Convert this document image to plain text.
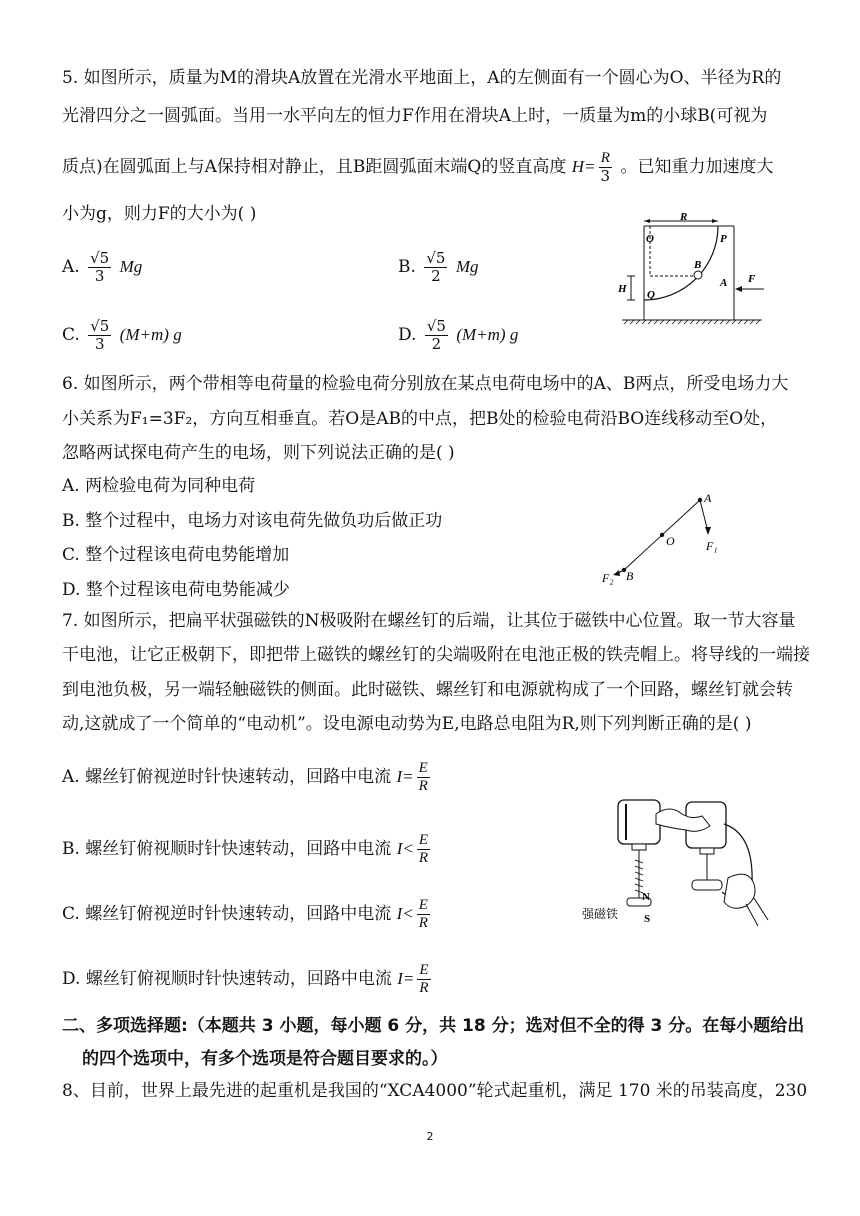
5. 如图所示，质量为M的滑块A放置在光滑水平地面上，A的左侧面有一个圆心为O、半径为R的
光滑四分之一圆弧面。当用一水平向左的恒力F作用在滑块A上时，一质量为m的小球B(可视为
质点)在圆弧面上与A保持相对静止，且B距圆弧面末端Q的竖直高度 $H= \frac{R}{3}$ 。已知重力加速度大
小为g，则力F的大小为( )
A. $\frac{√5}{3}$ Mg	B. $\frac{√5}{2}$ Mg
C. $\frac{√5}{3} (M+m)$ g	D. $\frac{√5}{2} (M+m)$ g
R
B
O	P
Q
A
H
F
6. 如图所示，两个带相等电荷量的检验电荷分别放在某点电荷电场中的A、B两点，所受电场力大
小关系为F₁=3F₂，方向互相垂直。若O是AB的中点，把B处的检验电荷沿BO连线移动至O处，
忽略两试探电荷产生的电场，则下列说法正确的是( )
A. 两检验电荷为同种电荷
B. 整个过程中，电场力对该电荷先做负功后做正功
C. 整个过程该电荷电势能增加
D. 整个过程该电荷电势能减少
A
O	F₁
F₂ B
7. 如图所示，把扁平状强磁铁的N极吸附在螺丝钉的后端，让其位于磁铁中心位置。取一节大容量
干电池，让它正极朝下，即把带上磁铁的螺丝钉的尖端吸附在电池正极的铁壳帽上。将导线的一端接
到电池负极，另一端轻触磁铁的侧面。此时磁铁、螺丝钉和电源就构成了一个回路，螺丝钉就会转
动,这就成了一个简单的“电动机”。设电源电动势为E,电路总电阻为R,则下列判断正确的是( )
A. 螺丝钉俯视逆时针快速转动，回路中电流 $I= \frac{E}{R}$
B. 螺丝钉俯视顺时针快速转动，回路中电流 $I< \frac{E}{R}$
C. 螺丝钉俯视逆时针快速转动，回路中电流 $I< \frac{E}{R}$
D. 螺丝钉俯视顺时针快速转动，回路中电流 $I= \frac{E}{R}$
N
S
强磁铁
二、多项选择题:（本题共 3 小题，每小题 6 分，共 18 分；选对但不全的得 3 分。在每小题给出
的四个选项中，有多个选项是符合题目要求的。）
8、目前，世界上最先进的起重机是我国的“XCA4000”轮式起重机，满足 170 米的吊装高度，230
2
